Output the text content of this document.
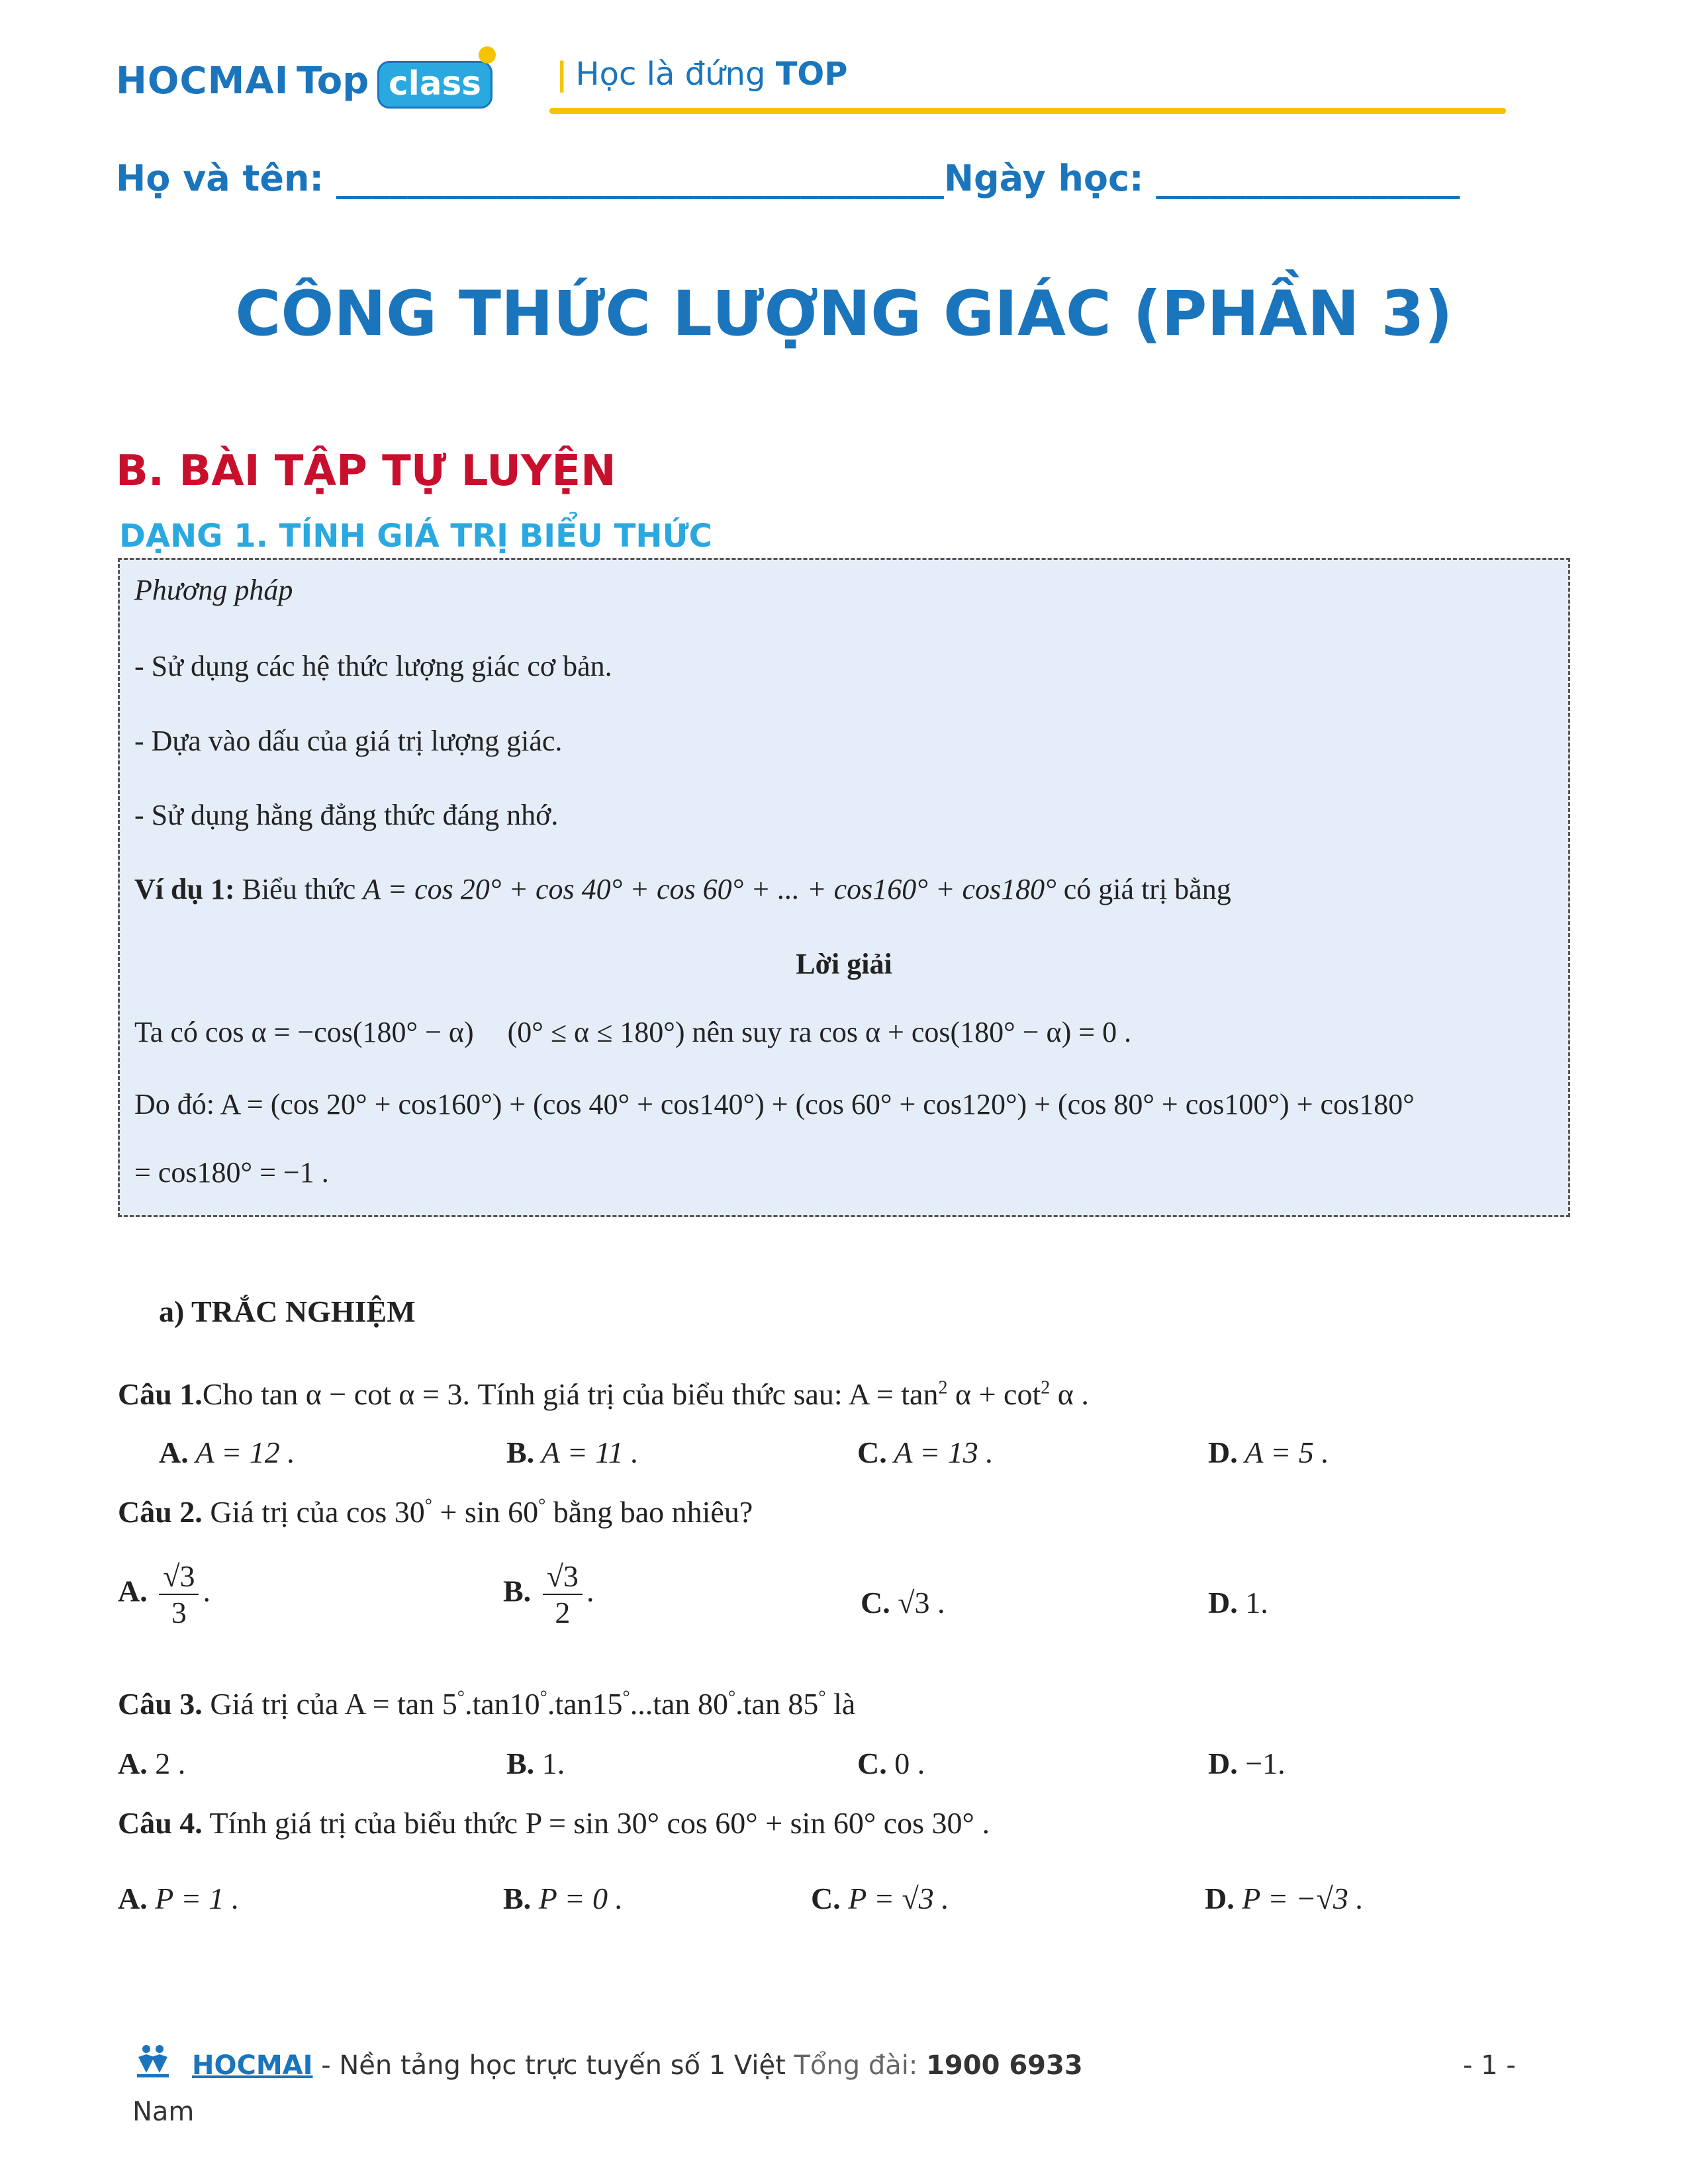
HOCMAI Top class	| Học là đứng TOP
Họ và tên: __________________________________Ngày học: _________________
CÔNG THỨC LƯỢNG GIÁC (PHẦN 3)
B. BÀI TẬP TỰ LUYỆN
DẠNG 1. TÍNH GIÁ TRỊ BIỂU THỨC
Phương pháp
- Sử dụng các hệ thức lượng giác cơ bản.
- Dựa vào dấu của giá trị lượng giác.
- Sử dụng hằng đẳng thức đáng nhớ.
Ví dụ 1: Biểu thức A = cos 20° + cos 40° + cos 60° + ... + cos160° + cos180° có giá trị bằng
Lời giải
Ta có cos α = −cos(180° − α) (0° ≤ α ≤ 180°) nên suy ra cos α + cos(180° − α) = 0 .
Do đó: A = (cos 20° + cos160°) + (cos 40° + cos140°) + (cos 60° + cos120°) + (cos 80° + cos100°) + cos180°
= cos180° = −1 .
a) TRẮC NGHIỆM
Câu 1.Cho tan α − cot α = 3. Tính giá trị của biểu thức sau: $A = \tan^2 \alpha + \cot^2 \alpha$ .
A. A = 12 .	B. A = 11 .	C. A = 13 .	D. A = 5 .
Câu 2. Giá trị của cos 30° + sin 60° bằng bao nhiêu?
A. $\frac{√3}{3}$ .	B. $\frac{√3}{2}$ .	C. √3 .	D. 1.
Câu 3. Giá trị của A = tan 5°.tan10°.tan15°...tan 80°.tan 85° là
A. 2 .	B. 1.	C. 0 .	D. −1.
Câu 4. Tính giá trị của biểu thức P = sin 30° cos 60° + sin 60° cos 30° .
A. P = 1 .	B. P = 0 .	C. P = √3 .	D. P = −√3 .
HOCMAI - Nền tảng học trực tuyến số 1 Việt Tổng đài: 1900 6933	- 1 -
Nam
